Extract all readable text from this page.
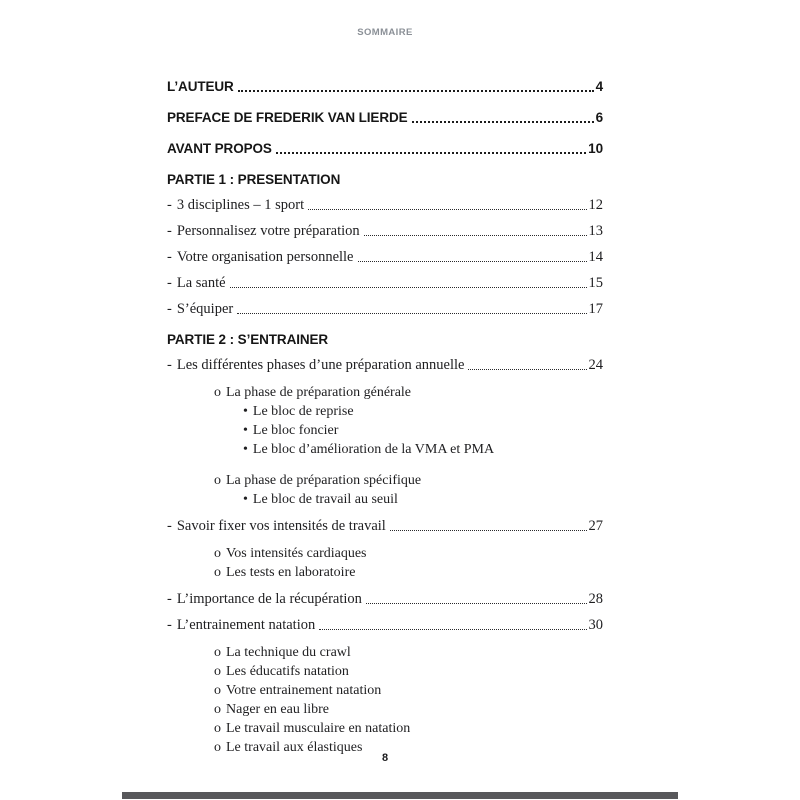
SOMMAIRE
L’AUTEUR	4
PREFACE DE FREDERIK VAN LIERDE	6
AVANT PROPOS	10
PARTIE 1 : PRESENTATION
- 3 disciplines – 1 sport	12
- Personnalisez votre préparation	13
- Votre organisation personnelle	14
- La santé	15
- S’équiper	17
PARTIE 2 : S’ENTRAINER
- Les différentes phases d’une préparation annuelle	24
o La phase de préparation générale
• Le bloc de reprise
• Le bloc foncier
• Le bloc d’amélioration de la VMA et PMA
o La phase de préparation spécifique
• Le bloc de travail au seuil
- Savoir fixer vos intensités de travail	27
o Vos intensités cardiaques
o Les tests en laboratoire
- L’importance de la récupération	28
- L’entrainement natation	30
o La technique du crawl
o Les éducatifs natation
o Votre entrainement natation
o Nager en eau libre
o Le travail musculaire en natation
o Le travail aux élastiques
8
